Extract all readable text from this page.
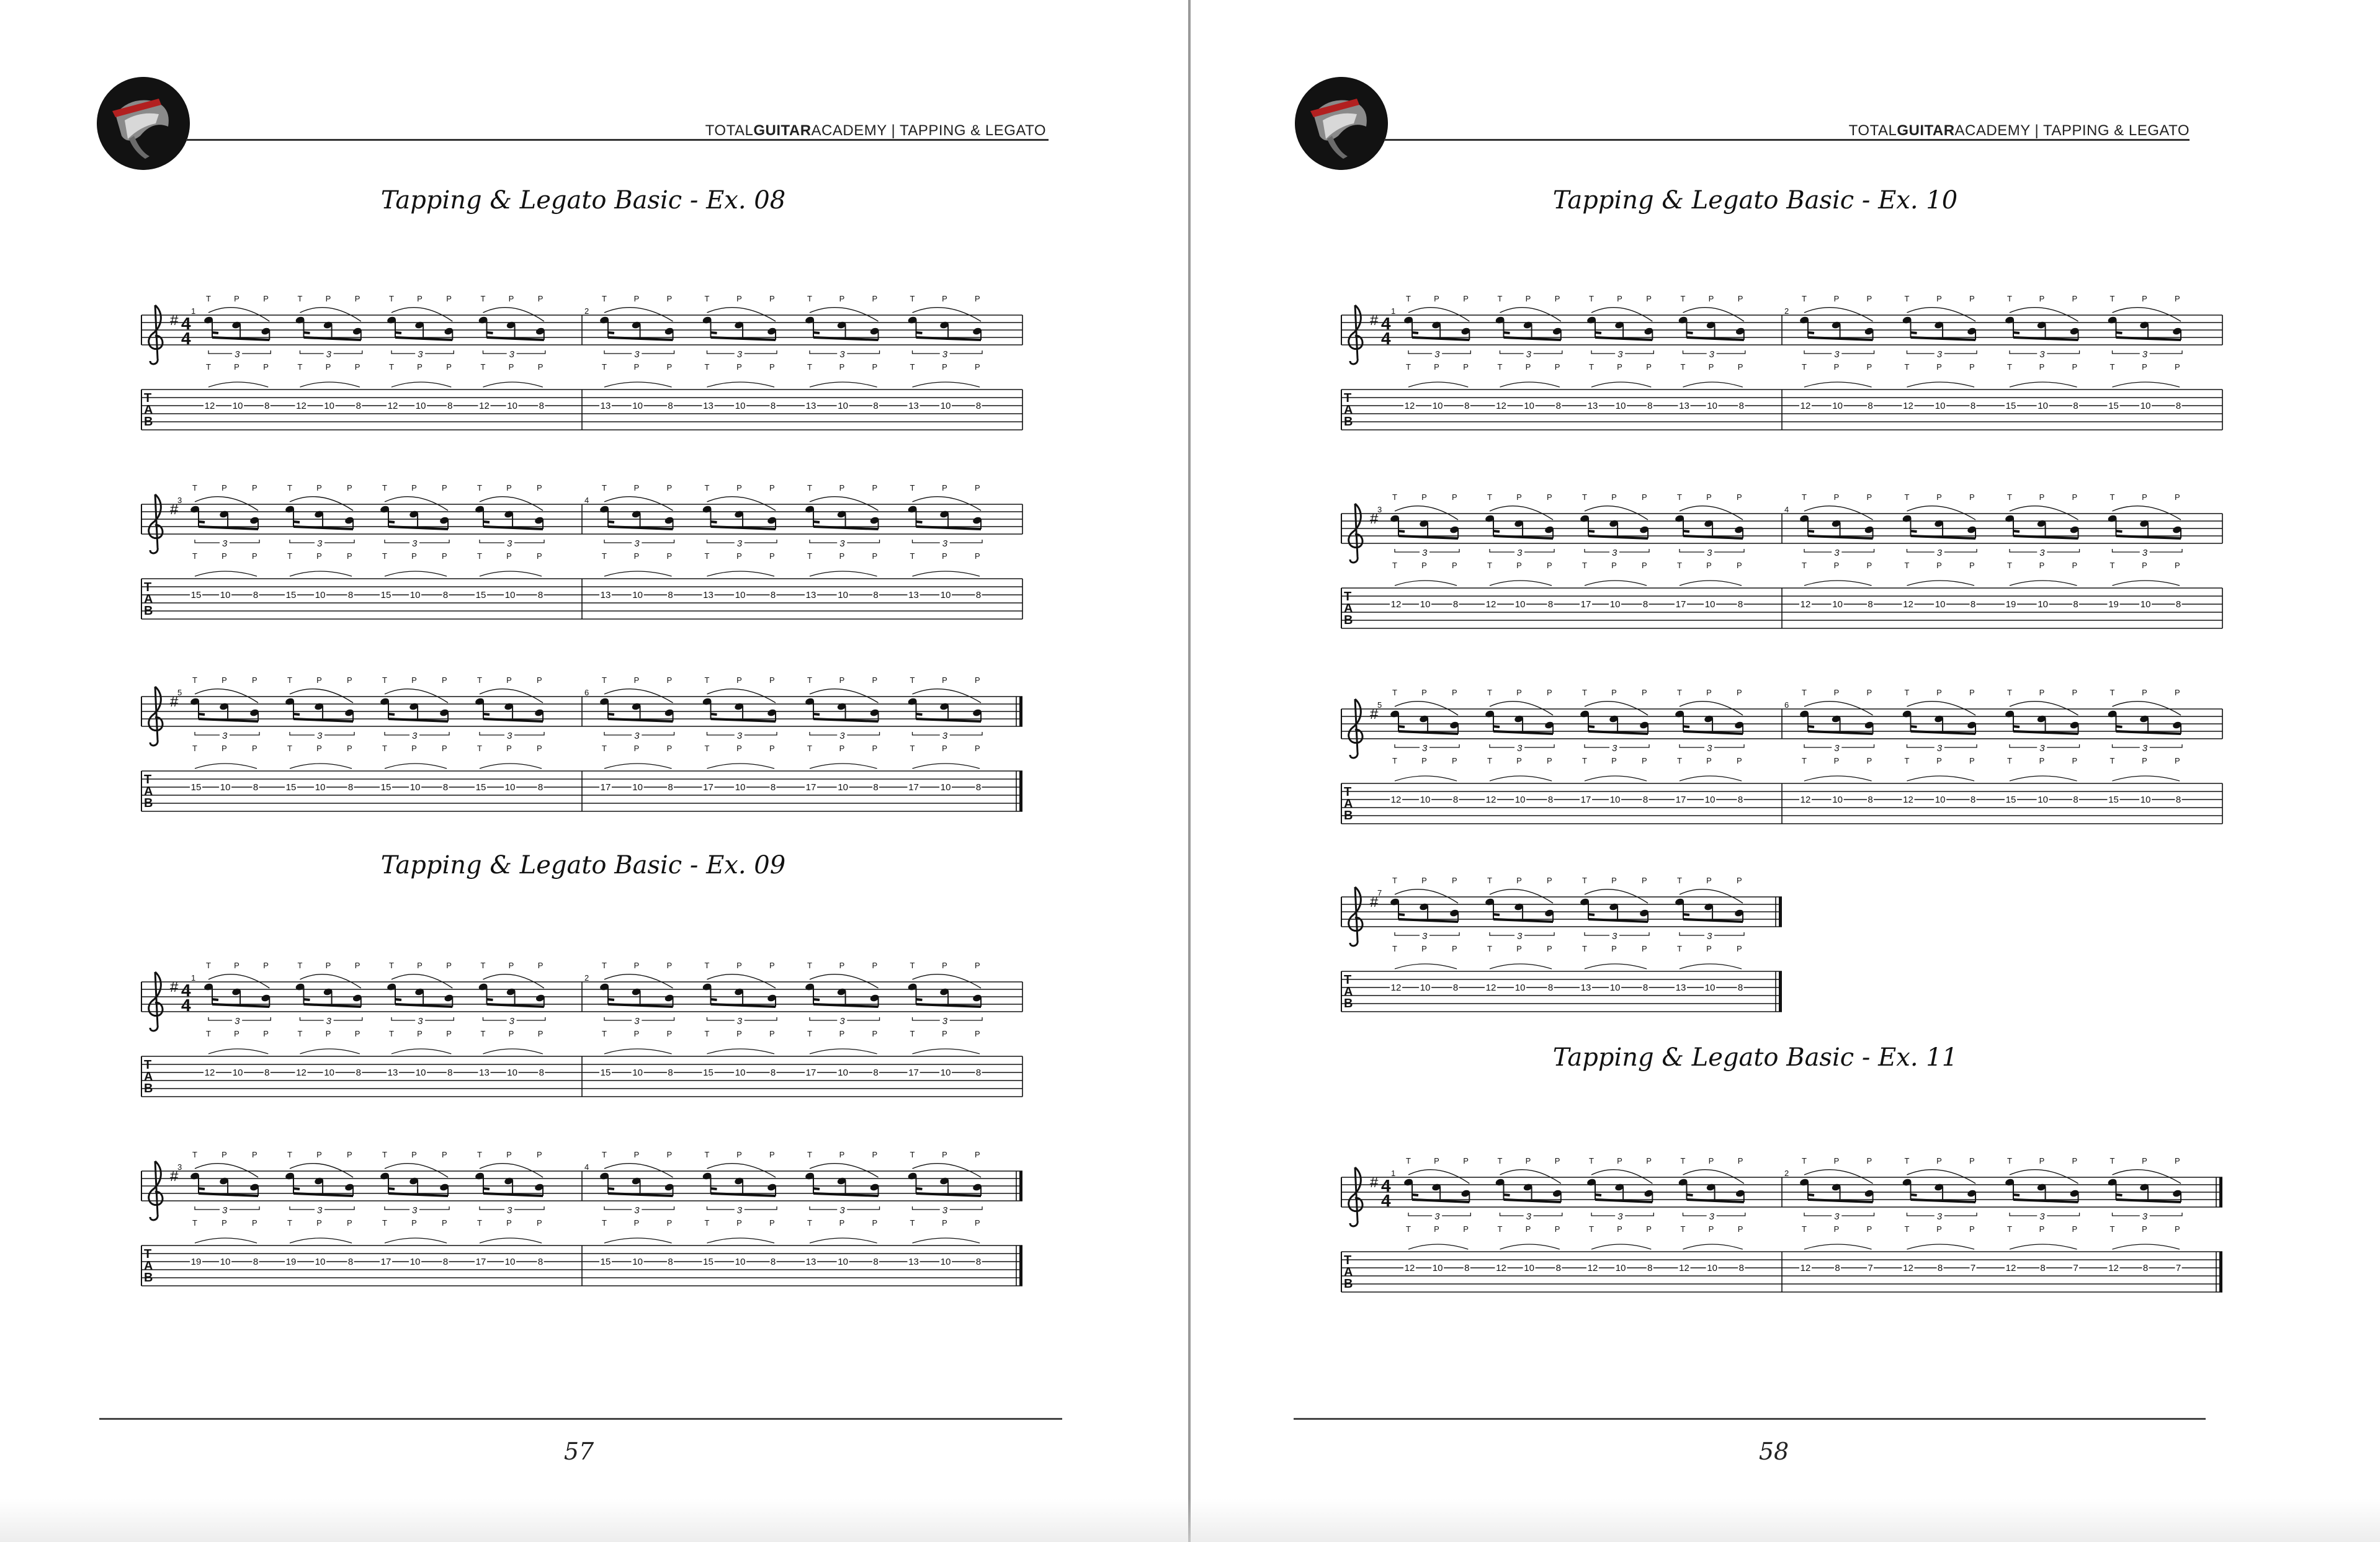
TOTALGUITARACADEMY | TAPPING & LEGATO
Tapping & Legato Basic - Ex. 08
# 4
4
T
A
B
1
T	P	P
3
T	P	P
12 10 8
T	P	P
3
T	P	P
12 10 8
T	P	P
3
T	P	P
12 10 8
T	P	P
3
T	P	P
12 10 8
2
T	P	P
3
T	P	P
13 10	8
T	P	P
3
T	P	P
13 10	8
T	P	P
3
T	P	P
13 10	8
T	P	P
3
T	P	P
13 10	8
#
T
A
B
3
T	P	P
3
T	P	P
15 10 8
T	P	P
3
T	P	P
15 10 8
T	P	P
3
T	P	P
15 10 8
T	P	P
3
T	P	P
15 10 8
4
T	P	P
3
T	P	P
13 10	8
T	P	P
3
T	P	P
13 10	8
T	P	P
3
T	P	P
13 10	8
T	P	P
3
T	P	P
13 10	8
#
T
A
B
5
T	P	P
3
T	P	P
15 10 8
T	P	P
3
T	P	P
15 10 8
T	P	P
3
T	P	P
15 10 8
T	P	P
3
T	P	P
15 10 8
6
T	P	P
3
T	P	P
17 10	8
T	P	P
3
T	P	P
17 10	8
T	P	P
3
T	P	P
17 10	8
T	P	P
3
T	P	P
17 10	8
Tapping & Legato Basic - Ex. 09
# 4
4
T
A
B
1
T	P	P
3
T	P	P
12 10 8
T	P	P
3
T	P	P
12 10 8
T	P	P
3
T	P	P
13 10 8
T	P	P
3
T	P	P
13 10 8
2
T	P	P
3
T	P	P
15 10	8
T	P	P
3
T	P	P
15 10	8
T	P	P
3
T	P	P
17 10	8
T	P	P
3
T	P	P
17 10	8
#
T
A
B
3
T	P	P
3
T	P	P
19 10 8
T	P	P
3
T	P	P
19 10 8
T	P	P
3
T	P	P
17 10 8
T	P	P
3
T	P	P
17 10 8
4
T	P	P
3
T	P	P
15 10	8
T	P	P
3
T	P	P
15 10	8
T	P	P
3
T	P	P
13 10	8
T	P	P
3
T	P	P
13 10	8
57
TOTALGUITARACADEMY | TAPPING & LEGATO
Tapping & Legato Basic - Ex. 10
# 4
4
T
A
B
1
T	P	P
3
T	P	P
12 10 8
T	P	P
3
T	P	P
12 10 8
T	P	P
3
T	P	P
13 10 8
T	P	P
3
T	P	P
13 10 8
2
T	P	P
3
T	P	P
12 10	8
T	P	P
3
T	P	P
12 10	8
T	P	P
3
T	P	P
15 10	8
T	P	P
3
T	P	P
15 10	8
#
T
A
B
3
T	P	P
3
T	P	P
12 10 8
T	P	P
3
T	P	P
12 10 8
T	P	P
3
T	P	P
17 10 8
T	P	P
3
T	P	P
17 10 8
4
T	P	P
3
T	P	P
12 10	8
T	P	P
3
T	P	P
12 10	8
T	P	P
3
T	P	P
19 10	8
T	P	P
3
T	P	P
19 10	8
#
T
A
B
5
T	P	P
3
T	P	P
12 10 8
T	P	P
3
T	P	P
12 10 8
T	P	P
3
T	P	P
17 10 8
T	P	P
3
T	P	P
17 10 8
6
T	P	P
3
T	P	P
12 10	8
T	P	P
3
T	P	P
12 10	8
T	P	P
3
T	P	P
15 10	8
T	P	P
3
T	P	P
15 10	8
#
T
A
B
7
T	P	P
3
T	P	P
12 10 8
T	P	P
3
T	P	P
12 10 8
T	P	P
3
T	P	P
13 10 8
T	P	P
3
T	P	P
13 10 8
Tapping & Legato Basic - Ex. 11
# 4
4
T
A
B
1
T	P	P
3
T	P	P
12 10 8
T	P	P
3
T	P	P
12 10 8
T	P	P
3
T	P	P
12 10 8
T	P	P
3
T	P	P
12 10 8
2
T	P	P
3
T	P	P
12	8	7
T	P	P
3
T	P	P
12	8	7
T	P	P
3
T	P	P
12	8	7
T	P	P
3
T	P	P
12	8	7
58
